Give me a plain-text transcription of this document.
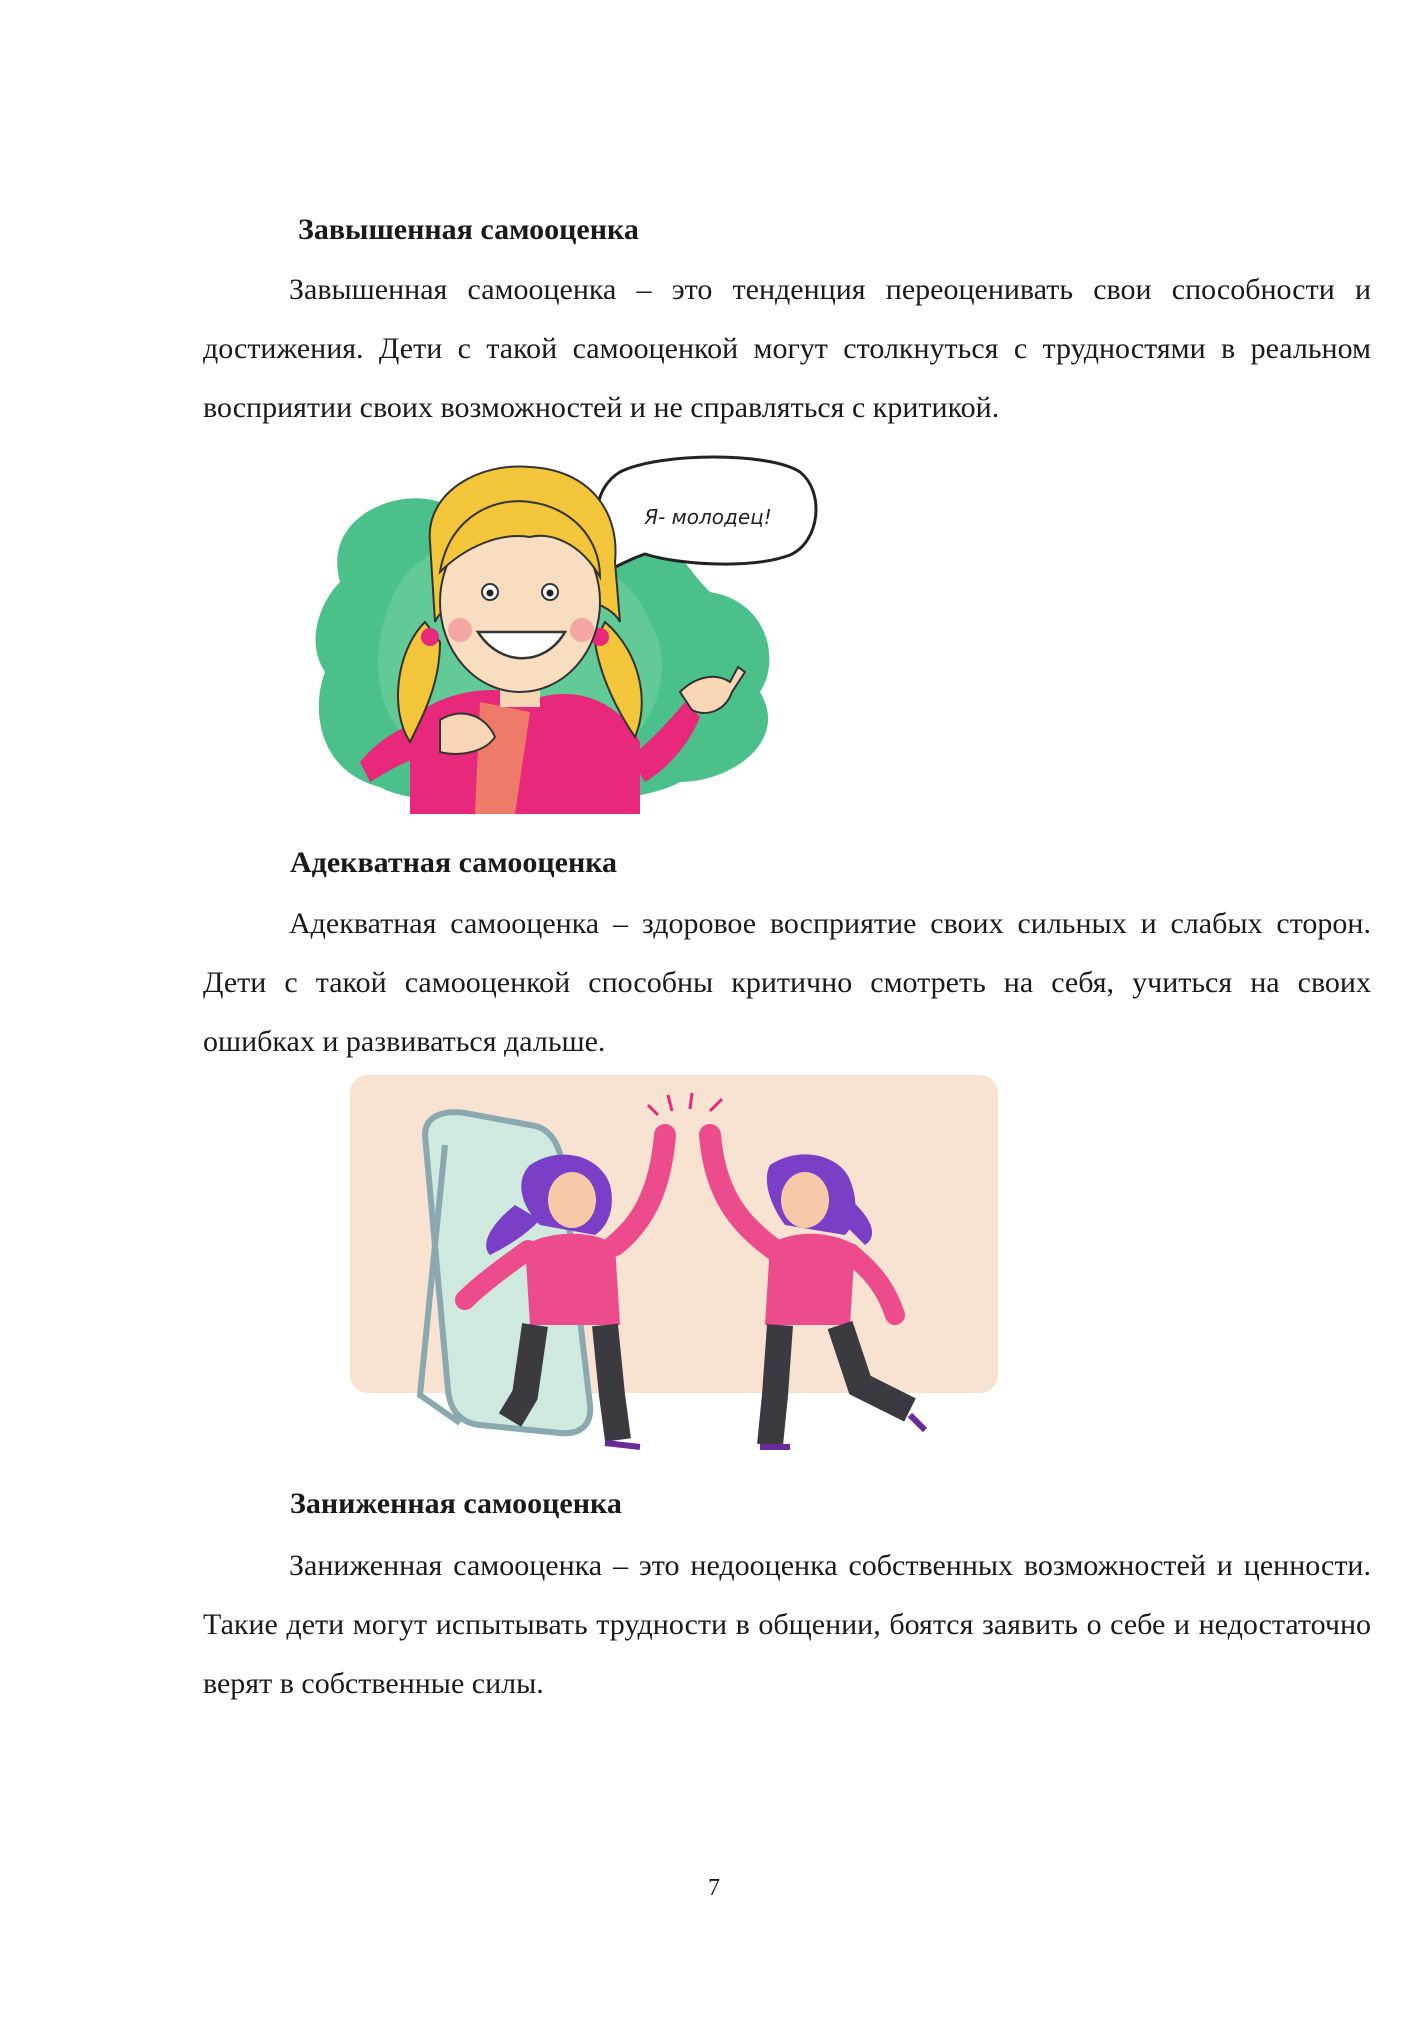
Завышенная самооценка
Завышенная самооценка – это тенденция переоценивать свои способности и достижения. Дети с такой самооценкой могут столкнуться с трудностями в реальном восприятии своих возможностей и не справляться с критикой.
Я- молодец!
Адекватная самооценка
Адекватная самооценка – здоровое восприятие своих сильных и слабых сторон. Дети с такой самооценкой способны критично смотреть на себя, учиться на своих ошибках и развиваться дальше.
Заниженная самооценка
Заниженная самооценка – это недооценка собственных возможностей и ценности. Такие дети могут испытывать трудности в общении, боятся заявить о себе и недостаточно верят в собственные силы.
7
